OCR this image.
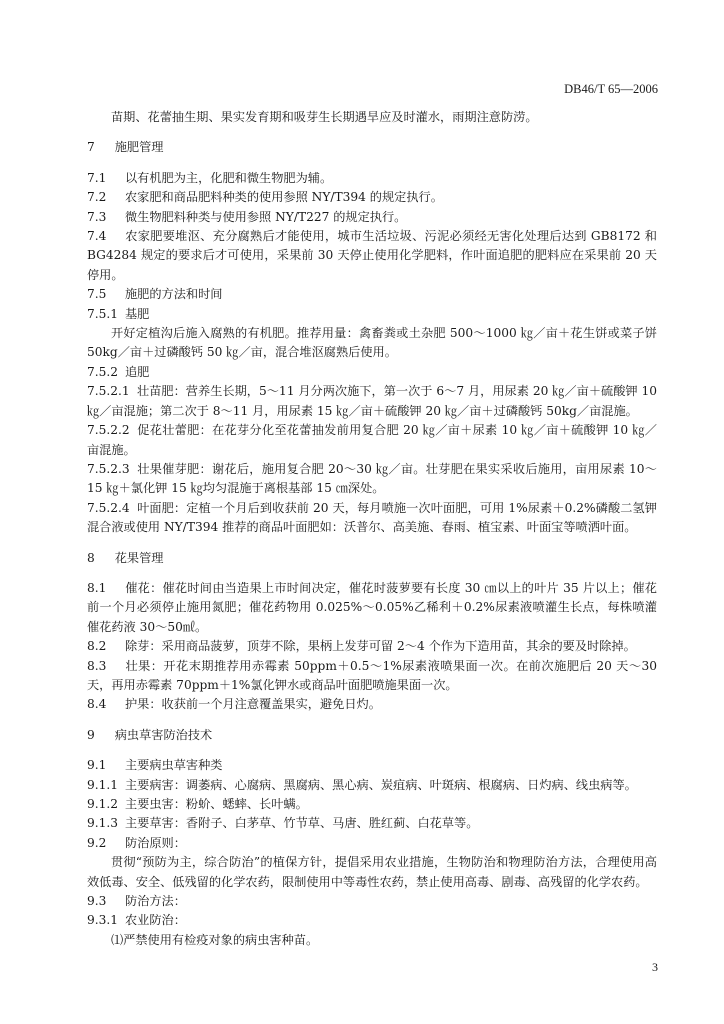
DB46/T 65—2006

苗期、花蕾抽生期、果实发育期和吸芽生长期遇旱应及时灌水，雨期注意防涝。

7 施肥管理

7.1 以有机肥为主，化肥和微生物肥为辅。

7.2 农家肥和商品肥料种类的使用参照 NY/T394 的规定执行。

7.3 微生物肥料种类与使用参照 NY/T227 的规定执行。

7.4 农家肥要堆沤、充分腐熟后才能使用，城市生活垃圾、污泥必须经无害化处理后达到 GB8172 和 BG4284 规定的要求后才可使用，采果前 30 天停止使用化学肥料，作叶面追肥的肥料应在采果前 20 天停用。

7.5 施肥的方法和时间

7.5.1 基肥

开好定植沟后施入腐熟的有机肥。推荐用量：禽畜粪或土杂肥 500～1000 ㎏／亩＋花生饼或菜子饼 50kg／亩＋过磷酸钙 50 ㎏／亩，混合堆沤腐熟后使用。

7.5.2 追肥

7.5.2.1 壮苗肥：营养生长期，5～11 月分两次施下，第一次于 6～7 月，用尿素 20 ㎏／亩＋硫酸钾 10 ㎏／亩混施；第二次于 8～11 月，用尿素 15 ㎏／亩＋硫酸钾 20 ㎏／亩＋过磷酸钙 50kg／亩混施。

7.5.2.2 促花壮蕾肥：在花芽分化至花蕾抽发前用复合肥 20 ㎏／亩＋尿素 10 ㎏／亩＋硫酸钾 10 ㎏／亩混施。

7.5.2.3 壮果催芽肥：谢花后，施用复合肥 20～30 ㎏／亩。壮芽肥在果实采收后施用，亩用尿素 10～15 ㎏＋氯化钾 15 ㎏均匀混施于离根基部 15 ㎝深处。

7.5.2.4 叶面肥：定植一个月后到收获前 20 天，每月喷施一次叶面肥，可用 1%尿素＋0.2%磷酸二氢钾混合液或使用 NY/T394 推荐的商品叶面肥如：沃普尔、高美施、春雨、植宝素、叶面宝等喷洒叶面。

8 花果管理

8.1 催花：催花时间由当造果上市时间决定，催花时菠萝要有长度 30 ㎝以上的叶片 35 片以上；催花前一个月必须停止施用氮肥；催花药物用 0.025%～0.05%乙稀利＋0.2%尿素液喷灌生长点，每株喷灌催花药液 30～50㎖。

8.2 除芽：采用商品菠萝，顶芽不除，果柄上发芽可留 2～4 个作为下造用苗，其余的要及时除掉。

8.3 壮果：开花末期推荐用赤霉素 50ppm＋0.5～1%尿素液喷果面一次。在前次施肥后 20 天～30 天，再用赤霉素 70ppm＋1%氯化钾水或商品叶面肥喷施果面一次。

8.4 护果：收获前一个月注意覆盖果实，避免日灼。

9 病虫草害防治技术

9.1 主要病虫草害种类

9.1.1 主要病害：调萎病、心腐病、黑腐病、黑心病、炭疽病、叶斑病、根腐病、日灼病、线虫病等。

9.1.2 主要虫害：粉蚧、蟋蟀、长叶螨。

9.1.3 主要草害：香附子、白茅草、竹节草、马唐、胜红蓟、白花草等。

9.2 防治原则：

贯彻“预防为主，综合防治”的植保方针，提倡采用农业措施，生物防治和物理防治方法，合理使用高效低毒、安全、低残留的化学农药，限制使用中等毒性农药，禁止使用高毒、剧毒、高残留的化学农药。

9.3 防治方法：

9.3.1 农业防治：

⑴严禁使用有检疫对象的病虫害种苗。

3
